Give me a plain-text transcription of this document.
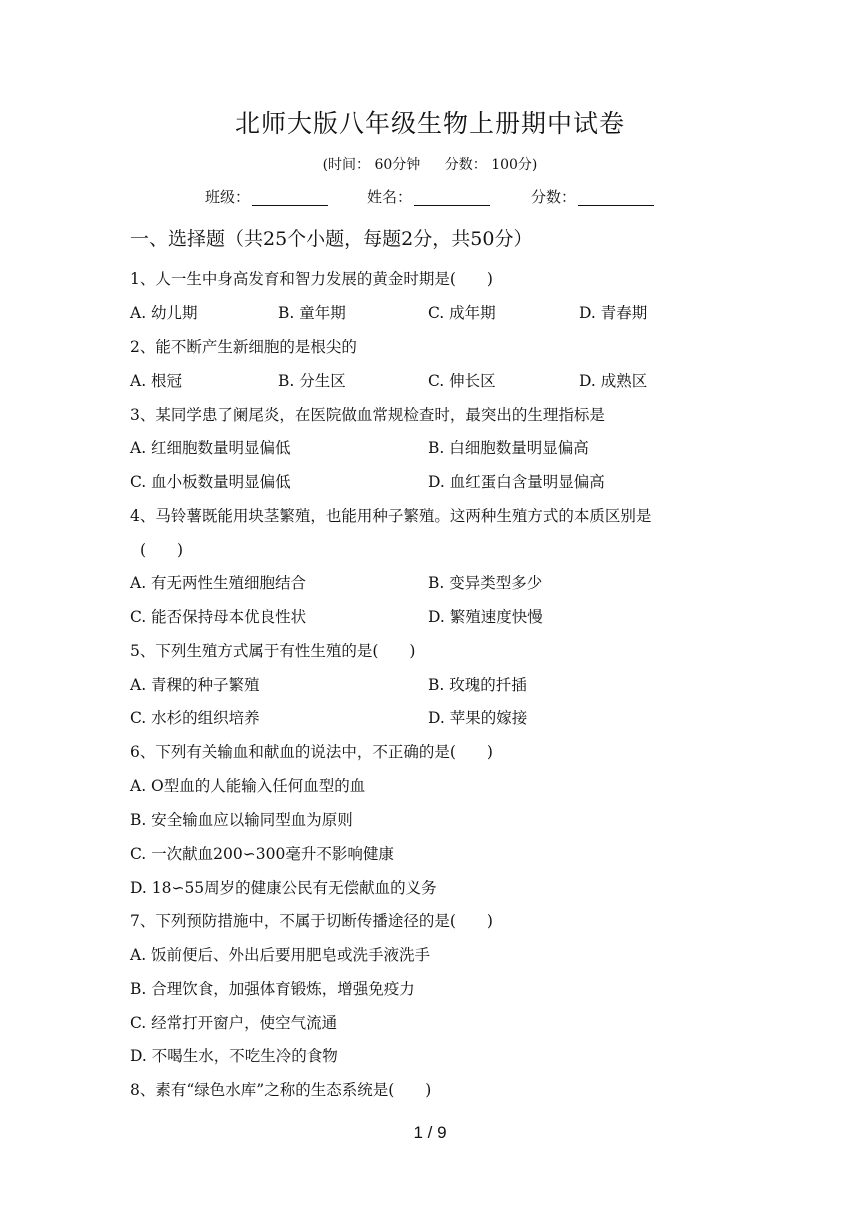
北师大版八年级生物上册期中试卷
(时间： 60分钟 分数： 100分)
班级：	姓名：	分数：
一、选择题（共25个小题，每题2分，共50分）
1、人一生中身高发育和智力发展的黄金时期是(　　)
A. 幼儿期	B. 童年期	C. 成年期	D. 青春期
2、能不断产生新细胞的是根尖的
A. 根冠	B. 分生区	C. 伸长区	D. 成熟区
3、某同学患了阑尾炎，在医院做血常规检查时，最突出的生理指标是
A. 红细胞数量明显偏低	B. 白细胞数量明显偏高
C. 血小板数量明显偏低	D. 血红蛋白含量明显偏高
4、马铃薯既能用块茎繁殖，也能用种子繁殖。这两种生殖方式的本质区别是
(　　)
A. 有无两性生殖细胞结合	B. 变异类型多少
C. 能否保持母本优良性状	D. 繁殖速度快慢
5、下列生殖方式属于有性生殖的是(　　)
A. 青稞的种子繁殖	B. 玫瑰的扦插
C. 水杉的组织培养	D. 苹果的嫁接
6、下列有关输血和献血的说法中，不正确的是(　　)
A. O型血的人能输入任何血型的血
B. 安全输血应以输同型血为原则
C. 一次献血200∽300毫升不影响健康
D. 18∽55周岁的健康公民有无偿献血的义务
7、下列预防措施中，不属于切断传播途径的是(　　)
A. 饭前便后、外出后要用肥皂或洗手液洗手
B. 合理饮食，加强体育锻炼，增强免疫力
C. 经常打开窗户，使空气流通
D. 不喝生水，不吃生冷的食物
8、素有“绿色水库”之称的生态系统是(　　)
1 / 9
